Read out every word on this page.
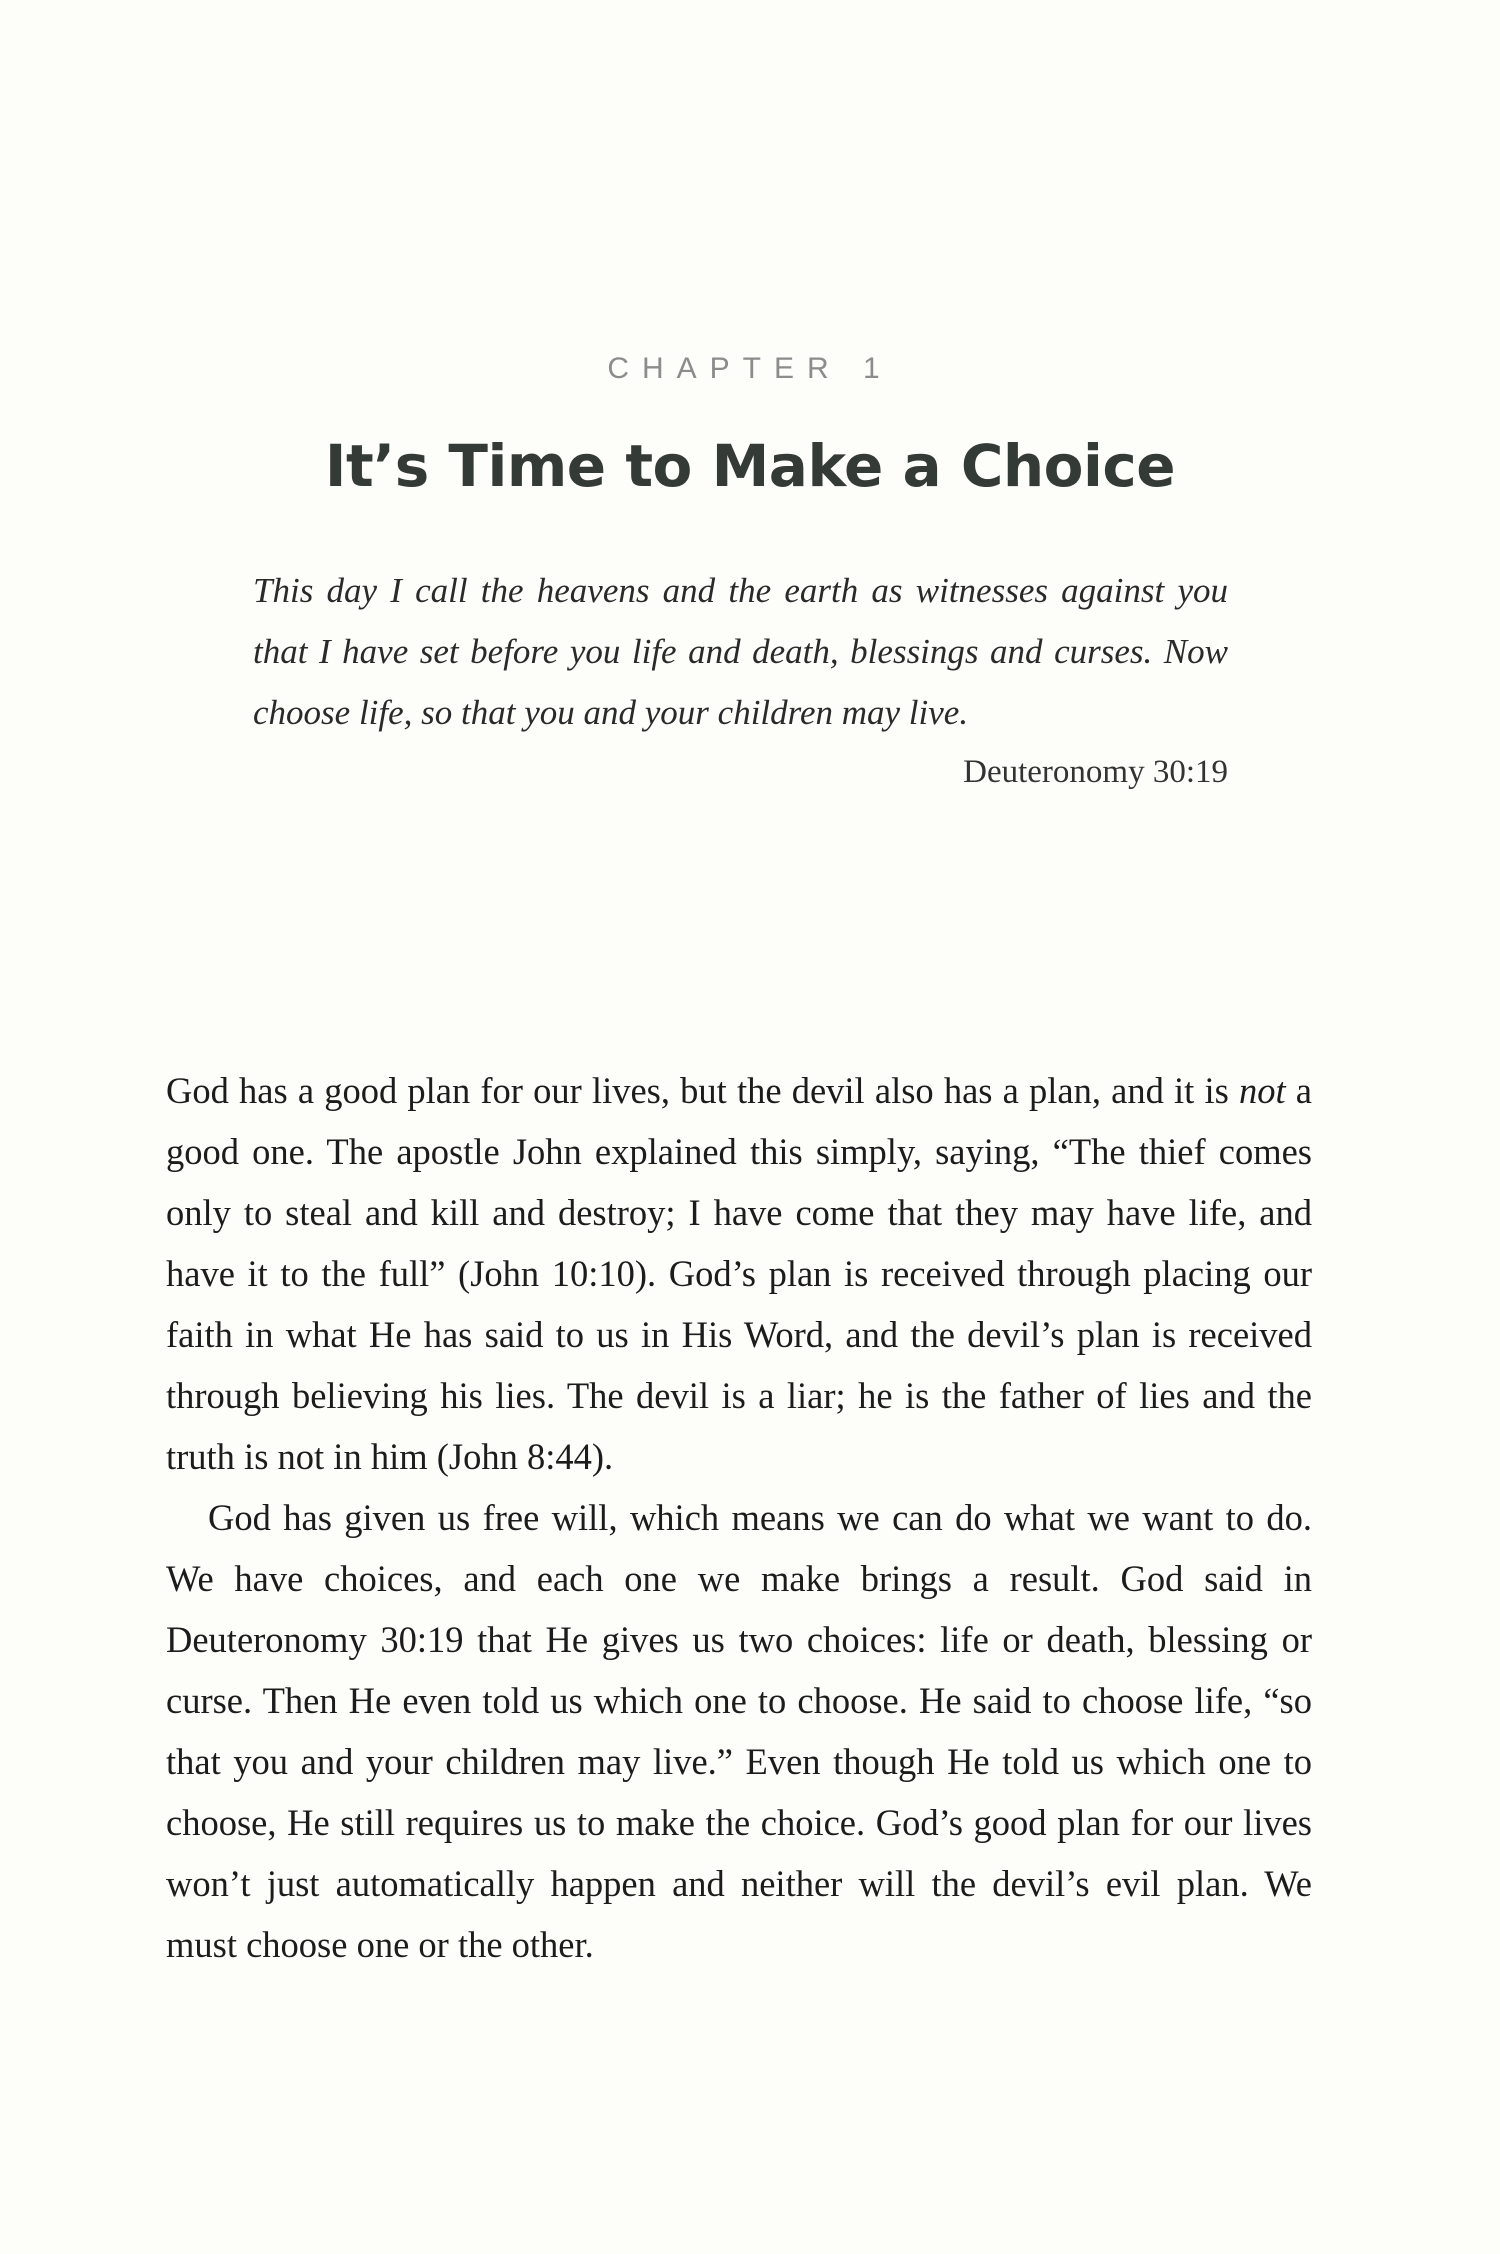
CHAPTER 1
It’s Time to Make a Choice

This day I call the heavens and the earth as witnesses against you that I have set before you life and death, blessings and curses. Now choose life, so that you and your children may live.

Deuteronomy 30:19

God has a good plan for our lives, but the devil also has a plan, and it is not a good one. The apostle John explained this simply, saying, “The thief comes only to steal and kill and destroy; I have come that they may have life, and have it to the full” (John 10:10). God’s plan is received through placing our faith in what He has said to us in His Word, and the devil’s plan is received through believing his lies. The devil is a liar; he is the father of lies and the truth is not in him (John 8:44).

God has given us free will, which means we can do what we want to do. We have choices, and each one we make brings a result. God said in Deuteronomy 30:19 that He gives us two choices: life or death, blessing or curse. Then He even told us which one to choose. He said to choose life, “so that you and your children may live.” Even though He told us which one to choose, He still requires us to make the choice. God’s good plan for our lives won’t just automatically happen and neither will the devil’s evil plan. We must choose one or the other.
